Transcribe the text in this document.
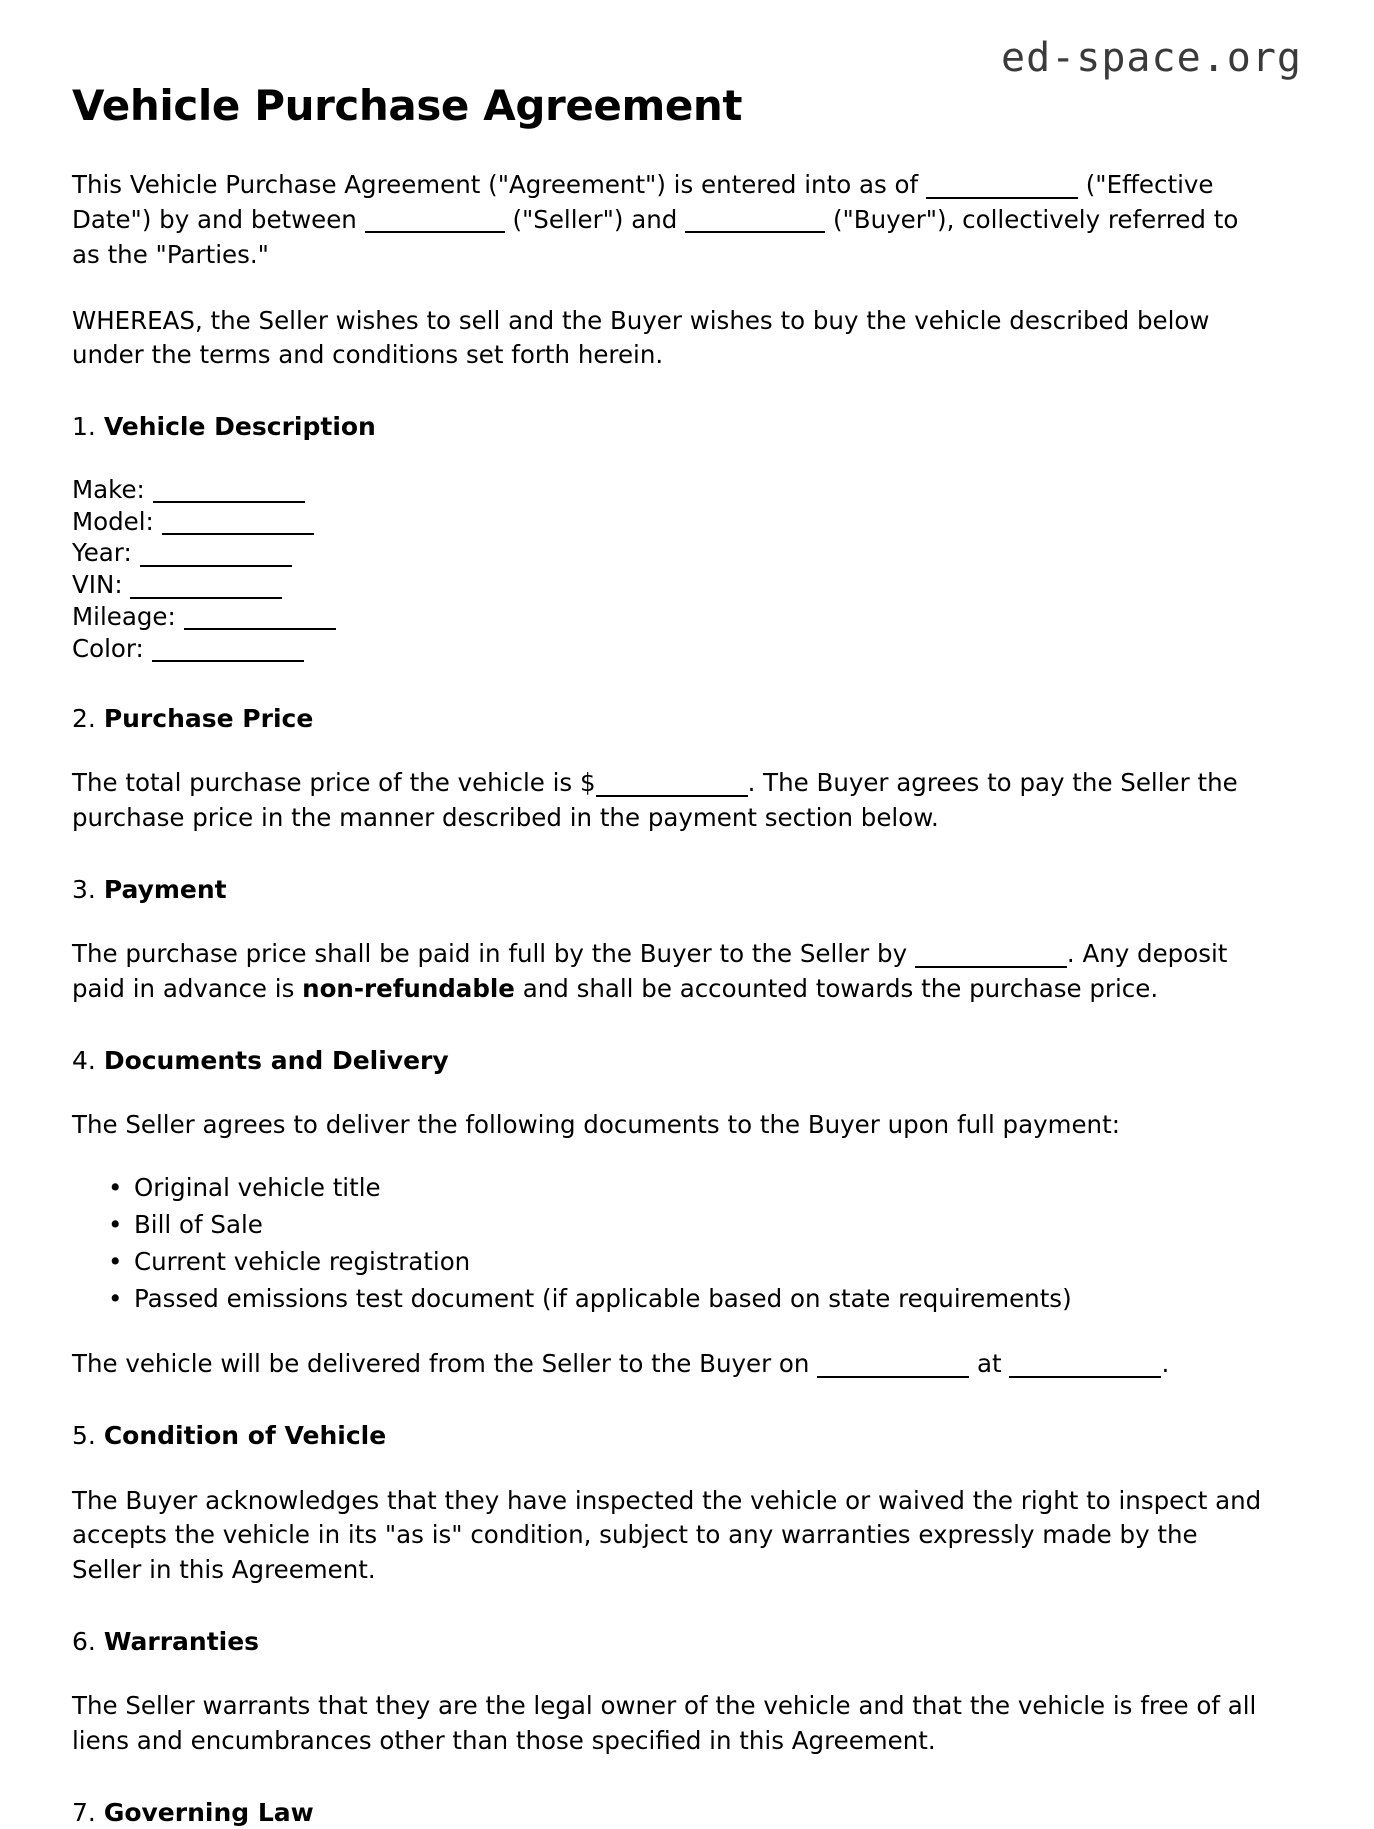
ed-space.org
Vehicle Purchase Agreement

This Vehicle Purchase Agreement ("Agreement") is entered into as of	("Effective Date") by and between	("Seller") and	("Buyer"), collectively referred to as the "Parties."

WHEREAS, the Seller wishes to sell and the Buyer wishes to buy the vehicle described below under the terms and conditions set forth herein.

1. Vehicle Description
Make:
Model:
Year:
VIN:
Mileage:
Color:
2. Purchase Price

The total purchase price of the vehicle is $	. The Buyer agrees to pay the Seller the purchase price in the manner described in the payment section below.

3. Payment

The purchase price shall be paid in full by the Buyer to the Seller by	. Any deposit paid in advance is non-refundable and shall be accounted towards the purchase price.

4. Documents and Delivery

The Seller agrees to deliver the following documents to the Buyer upon full payment:

• Original vehicle title
• Bill of Sale
• Current vehicle registration
• Passed emissions test document (if applicable based on state requirements)

The vehicle will be delivered from the Seller to the Buyer on	at	.

5. Condition of Vehicle

The Buyer acknowledges that they have inspected the vehicle or waived the right to inspect and accepts the vehicle in its "as is" condition, subject to any warranties expressly made by the Seller in this Agreement.

6. Warranties

The Seller warrants that they are the legal owner of the vehicle and that the vehicle is free of all liens and encumbrances other than those specified in this Agreement.

7. Governing Law
